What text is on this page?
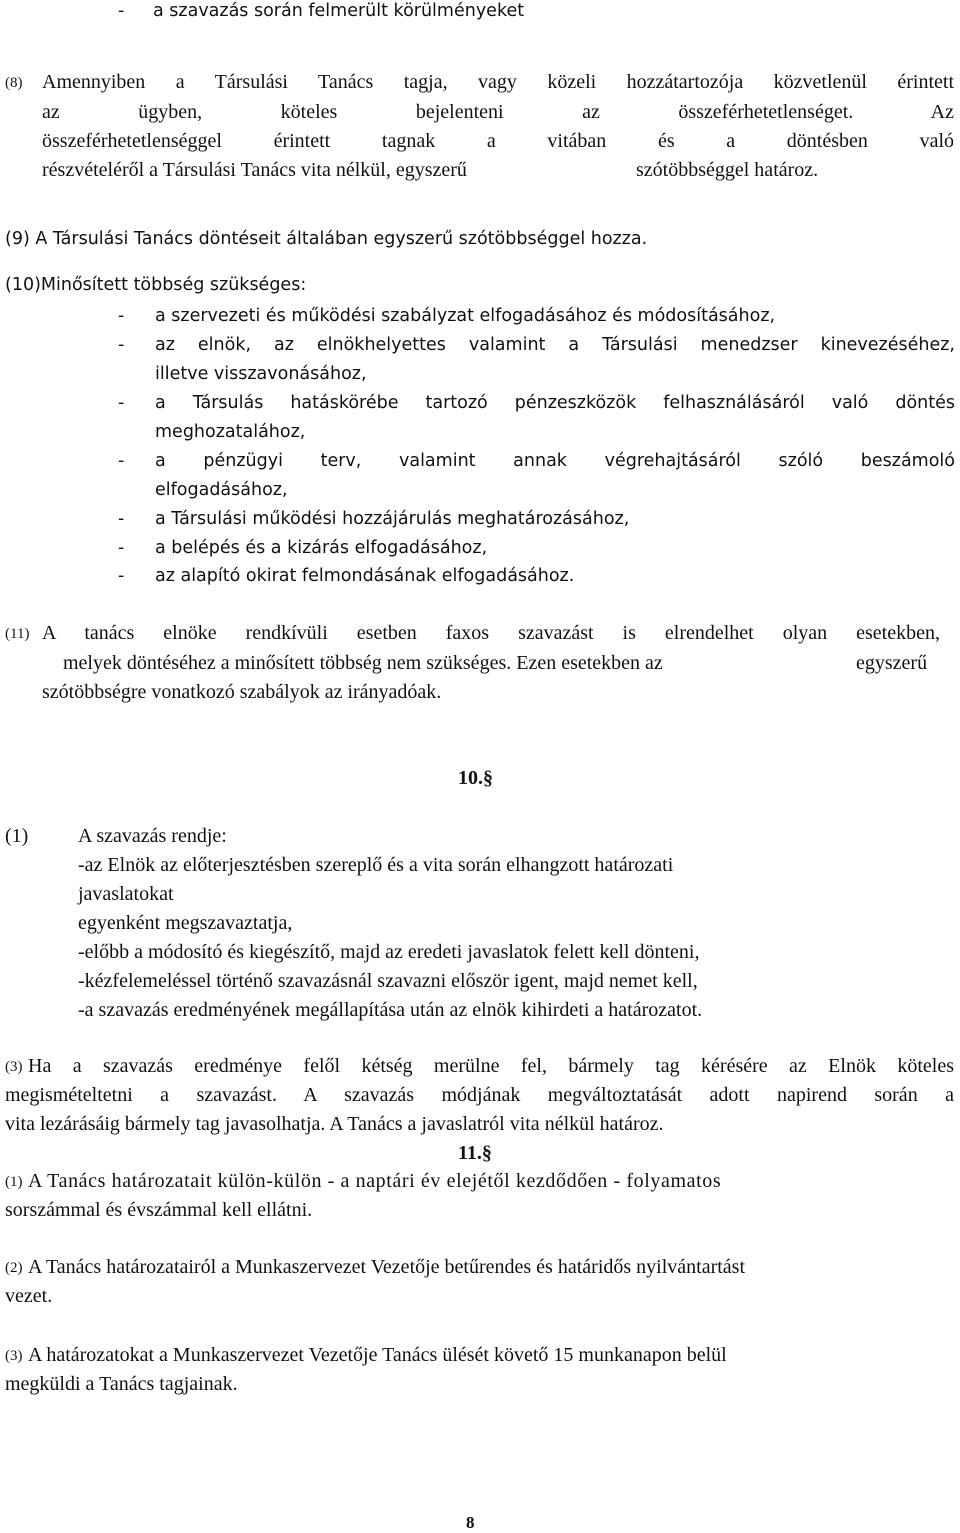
- a szavazás során felmerült körülményeket
(8) Amennyiben a Társulási Tanács tagja, vagy közeli hozzátartozója közvetlenül érintett
az ügyben, köteles bejelenteni az összeférhetetlenséget. Az
összeférhetetlenséggel érintett tagnak a vitában és a döntésben való
részvételéről a Társulási Tanács vita nélkül, egyszerű	szótöbbséggel határoz.
(9) A Társulási Tanács döntéseit általában egyszerű szótöbbséggel hozza.
(10)Minősített többség szükséges:
- a szervezeti és működési szabályzat elfogadásához és módosításához,
- az elnök, az elnökhelyettes valamint a Társulási menedzser kinevezéséhez,
illetve visszavonásához,
- a Társulás hatáskörébe tartozó pénzeszközök felhasználásáról való döntés
meghozatalához,
- a pénzügyi terv, valamint annak végrehajtásáról szóló beszámoló
elfogadásához,
- a Társulási működési hozzájárulás meghatározásához,
- a belépés és a kizárás elfogadásához,
- az alapító okirat felmondásának elfogadásához.
(11) A tanács elnöke rendkívüli esetben faxos szavazást is elrendelhet olyan esetekben,
melyek döntéséhez a minősített többség nem szükséges. Ezen esetekben az	egyszerű
szótöbbségre vonatkozó szabályok az irányadóak.
10.§
(1) A szavazás rendje:
-az Elnök az előterjesztésben szereplő és a vita során elhangzott határozati
javaslatokat
egyenként megszavaztatja,
-előbb a módosító és kiegészítő, majd az eredeti javaslatok felett kell dönteni,
-kézfelemeléssel történő szavazásnál szavazni először igent, majd nemet kell,
-a szavazás eredményének megállapítása után az elnök kihirdeti a határozatot.
(3) Ha a szavazás eredménye felől kétség merülne fel, bármely tag kérésére az Elnök köteles
megismételtetni a szavazást. A szavazás módjának megváltoztatását adott napirend során a
vita lezárásáig bármely tag javasolhatja. A Tanács a javaslatról vita nélkül határoz.
11.§
(1) A Tanács határozatait külön-külön - a naptári év elejétől kezdődően - folyamatos
sorszámmal és évszámmal kell ellátni.
(2) A Tanács határozatairól a Munkaszervezet Vezetője betűrendes és határidős nyilvántartást
vezet.
(3) A határozatokat a Munkaszervezet Vezetője Tanács ülését követő 15 munkanapon belül
megküldi a Tanács tagjainak.
8
